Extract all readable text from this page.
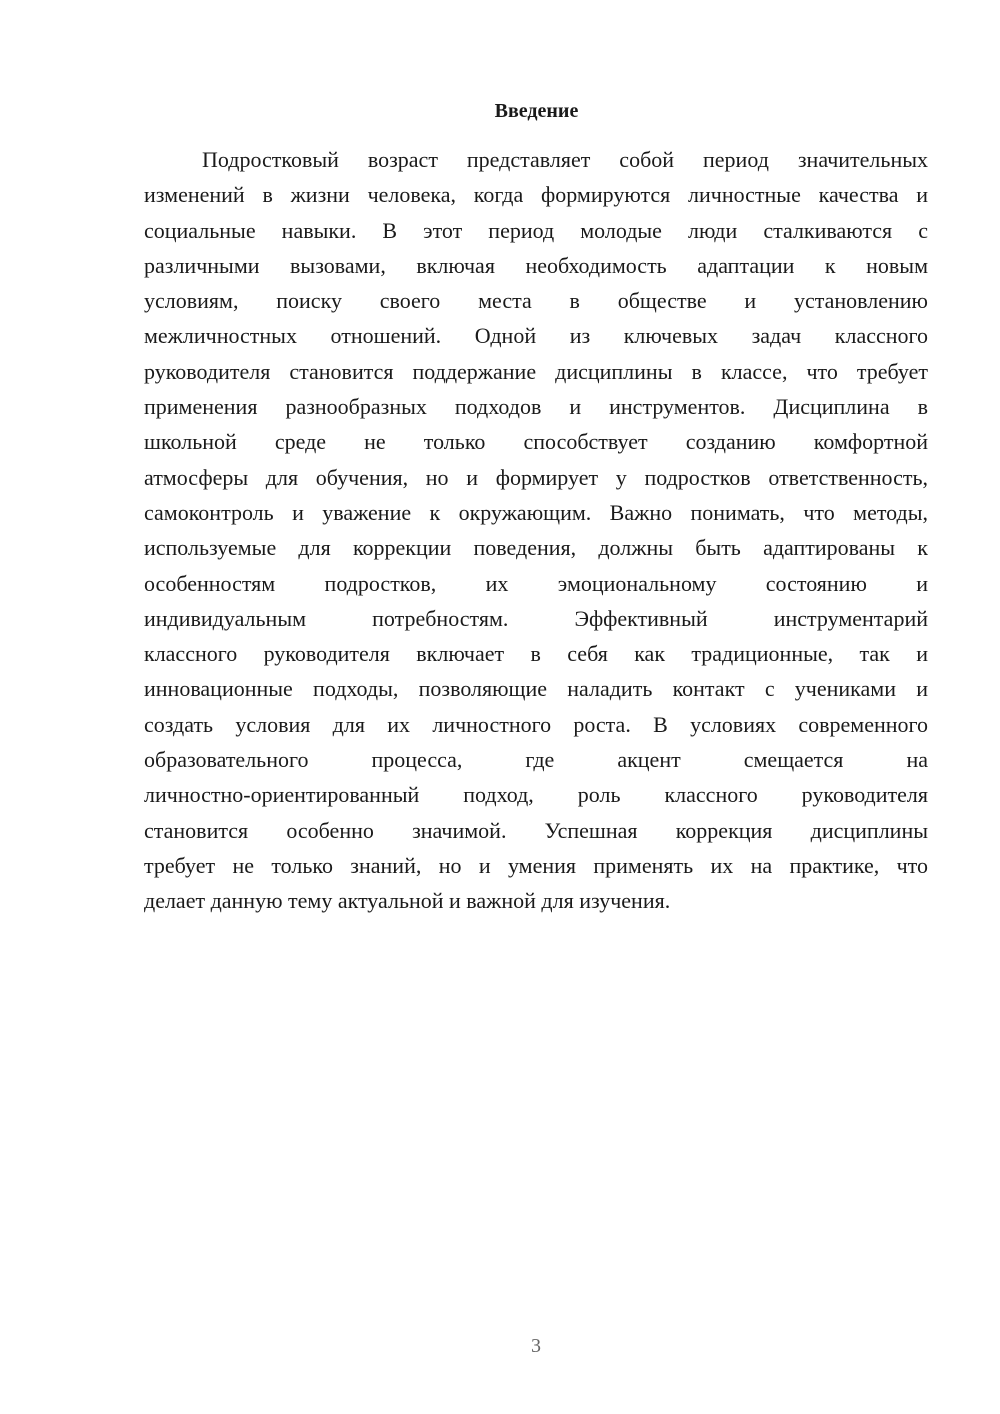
Введение
Подростковый возраст представляет собой период значительных
изменений в жизни человека, когда формируются личностные качества и
социальные навыки. В этот период молодые люди сталкиваются с
различными вызовами, включая необходимость адаптации к новым
условиям, поиску своего места в обществе и установлению
межличностных отношений. Одной из ключевых задач классного
руководителя становится поддержание дисциплины в классе, что требует
применения разнообразных подходов и инструментов. Дисциплина в
школьной среде не только способствует созданию комфортной
атмосферы для обучения, но и формирует у подростков ответственность,
самоконтроль и уважение к окружающим. Важно понимать, что методы,
используемые для коррекции поведения, должны быть адаптированы к
особенностям подростков, их эмоциональному состоянию и
индивидуальным потребностям. Эффективный инструментарий
классного руководителя включает в себя как традиционные, так и
инновационные подходы, позволяющие наладить контакт с учениками и
создать условия для их личностного роста. В условиях современного
образовательного процесса, где акцент смещается на
личностно-ориентированный подход, роль классного руководителя
становится особенно значимой. Успешная коррекция дисциплины
требует не только знаний, но и умения применять их на практике, что
делает данную тему актуальной и важной для изучения.
3
